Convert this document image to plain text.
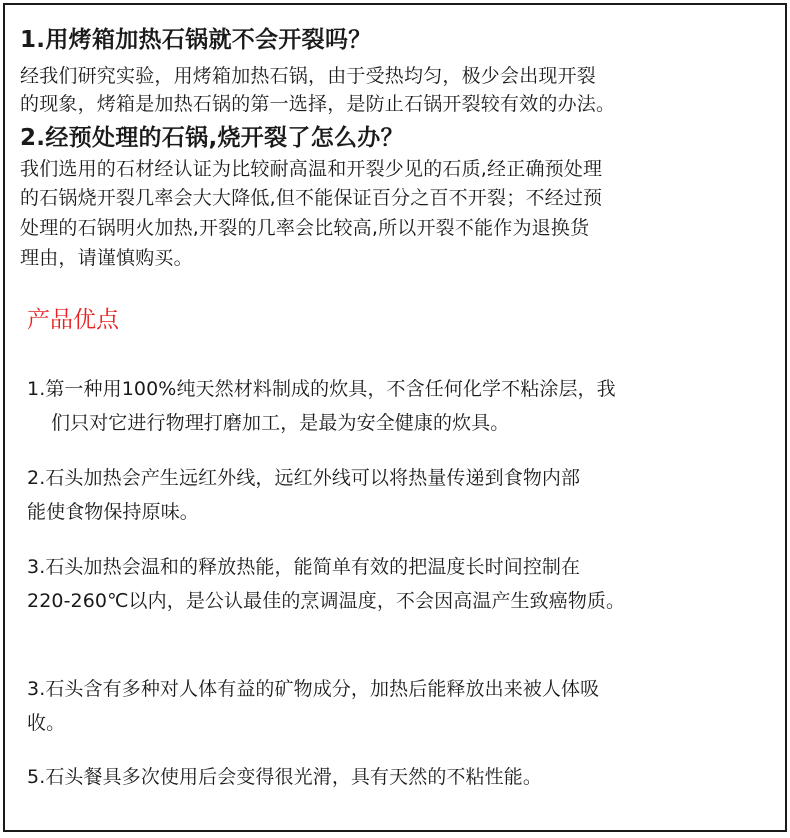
1.用烤箱加热石锅就不会开裂吗？

经我们研究实验，用烤箱加热石锅，由于受热均匀，极少会出现开裂

的现象，烤箱是加热石锅的第一选择，是防止石锅开裂较有效的办法。

2.经预处理的石锅,烧开裂了怎么办？

我们选用的石材经认证为比较耐高温和开裂少见的石质,经正确预处理

的石锅烧开裂几率会大大降低,但不能保证百分之百不开裂；不经过预

处理的石锅明火加热,开裂的几率会比较高,所以开裂不能作为退换货

理由，请谨慎购买。

产品优点

1.第一种用100%纯天然材料制成的炊具，不含任何化学不粘涂层，我

们只对它进行物理打磨加工，是最为安全健康的炊具。

2.石头加热会产生远红外线，远红外线可以将热量传递到食物内部

能使食物保持原味。

3.石头加热会温和的释放热能，能简单有效的把温度长时间控制在

220-260℃以内，是公认最佳的烹调温度，不会因高温产生致癌物质。

3.石头含有多种对人体有益的矿物成分，加热后能释放出来被人体吸

收。

5.石头餐具多次使用后会变得很光滑，具有天然的不粘性能。
